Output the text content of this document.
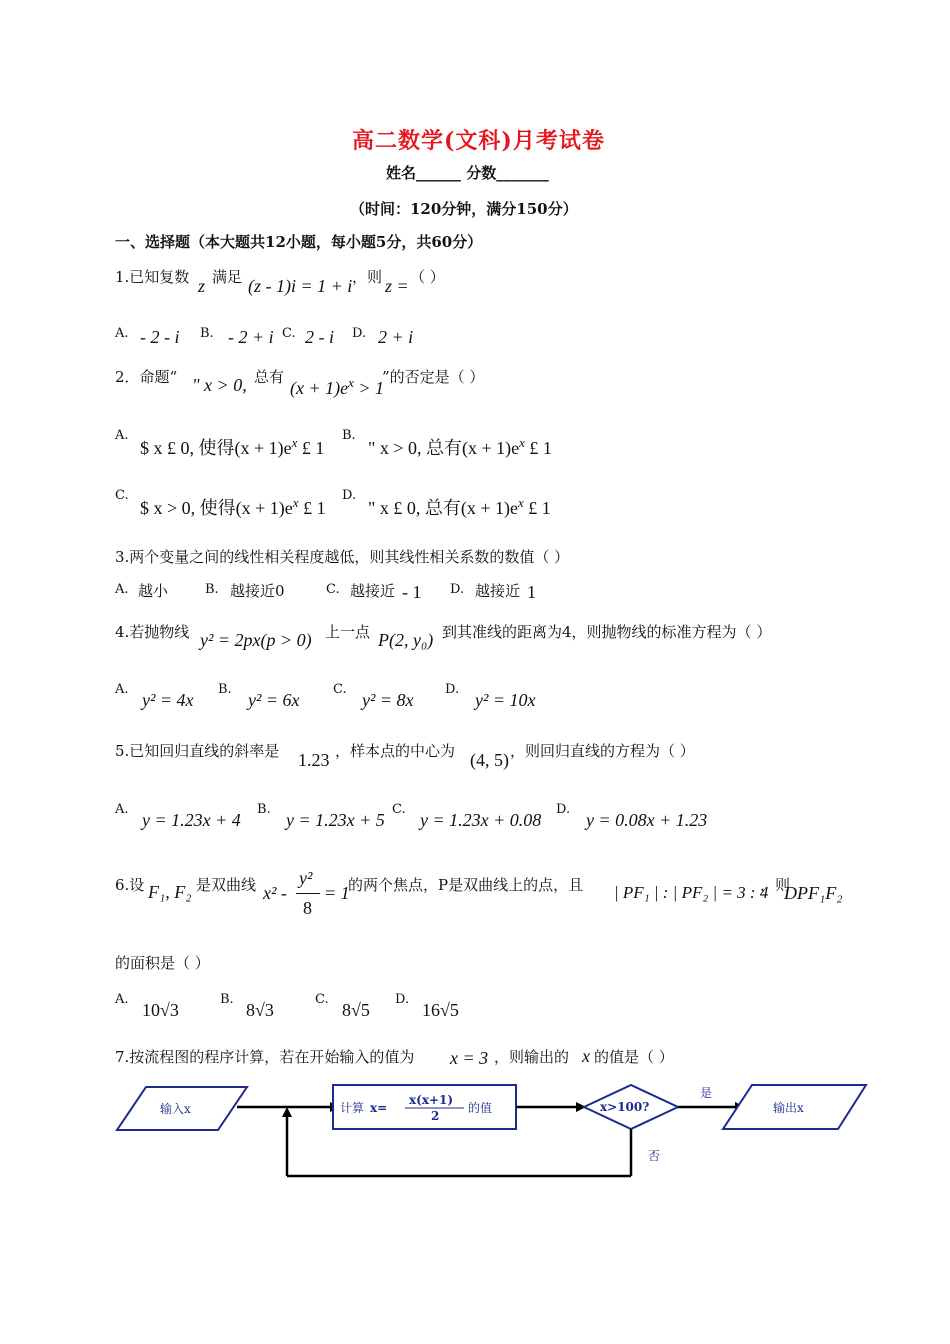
高二数学(文科)月考试卷
姓名______ 分数_______
（时间：120分钟，满分150分）
一、选择题（本大题共12小题，每小题5分，共60分）
1.已知复数 z 满足 (z - 1)i = 1 + i ，则 z = （ ）
A. - 2 - i B. - 2 + i C. 2 - i D. 2 + i
2．命题“ " x > 0, 总有
$(x + 1)e^x > 1$
”的否定是（ ）
A.
$ x £ 0, 使得$(x + 1)e^x$ £ 1
B.
" x > 0, 总有$(x + 1)e^x$ £ 1
C.
$ x > 0, 使得$(x + 1)e^x$ £ 1
D.
" x £ 0, 总有$(x + 1)e^x$ £ 1
3.两个变量之间的线性相关程度越低，则其线性相关系数的数值（ ）
A. 越小	B. 越接近0	C. 越接近 - 1 D. 越接近 1
4.若抛物线 y² = 2px(p > 0) 上一点 P(2, y₀) 到其准线的距离为4，则抛物线的标准方程为（ ）
A.
y² = 4x
B.
y² = 6x
C.
y² = 8x
D.
y² = 10x
5.已知回归直线的斜率是 1.23 ，样本点的中心为 (4, 5) ，则回归直线的方程为（ ）
A.
y = 1.23x + 4
B.
y = 1.23x + 5
C.
y = 1.23x + 0.08
D.
y = 0.08x + 1.23
6.设 F₁, F₂ 是双曲线 x² -
y²
8
= 1
的两个焦点，P是双曲线上的点，且 | PF₁ | : | PF₂ | = 3 : 4
，则
DPF₁F₂
的面积是（ ）
A.
10√3
B.
8√3
C.
8√5
D.
16√5
7.按流程图的程序计算，若在开始输入的值为 x = 3 ，则输出的 x 的值是（ ）
输入x	计算 x=
x(x+1)
2
的值	x>100?
是
输出x
否
